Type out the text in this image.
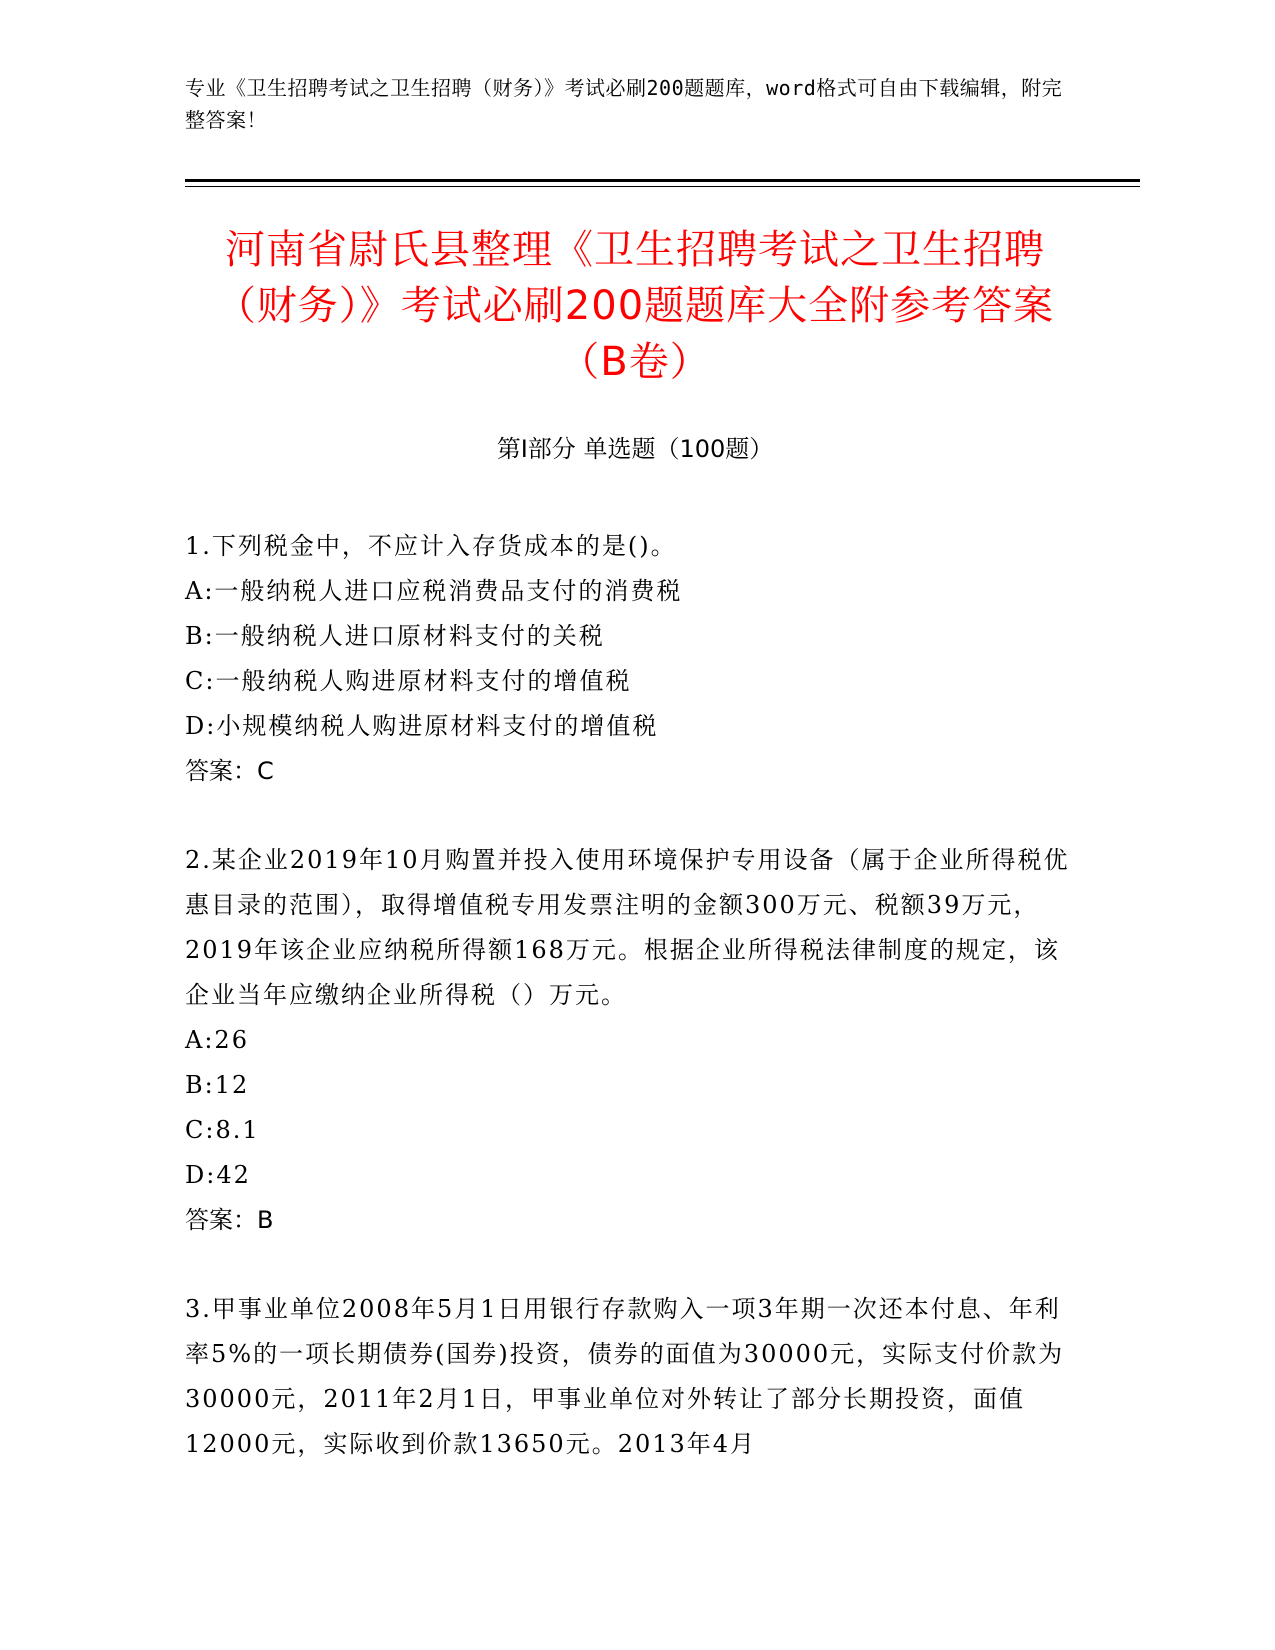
专业《卫生招聘考试之卫生招聘（财务）》考试必刷200题题库，word格式可自由下载编辑，附完整答案！
河南省尉氏县整理《卫生招聘考试之卫生招聘（财务）》考试必刷200题题库大全附参考答案（B卷）
第I部分 单选题（100题）
1.下列税金中，不应计入存货成本的是()。
A:一般纳税人进口应税消费品支付的消费税
B:一般纳税人进口原材料支付的关税
C:一般纳税人购进原材料支付的增值税
D:小规模纳税人购进原材料支付的增值税
答案：C
2.某企业2019年10月购置并投入使用环境保护专用设备（属于企业所得税优惠目录的范围），取得增值税专用发票注明的金额300万元、税额39万元，2019年该企业应纳税所得额168万元。根据企业所得税法律制度的规定，该企业当年应缴纳企业所得税（）万元。
A:26
B:12
C:8.1
D:42
答案：B
3.甲事业单位2008年5月1日用银行存款购入一项3年期一次还本付息、年利率5%的一项长期债券(国券)投资，债券的面值为30000元，实际支付价款为30000元，2011年2月1日，甲事业单位对外转让了部分长期投资，面值12000元，实际收到价款13650元。2013年4月
